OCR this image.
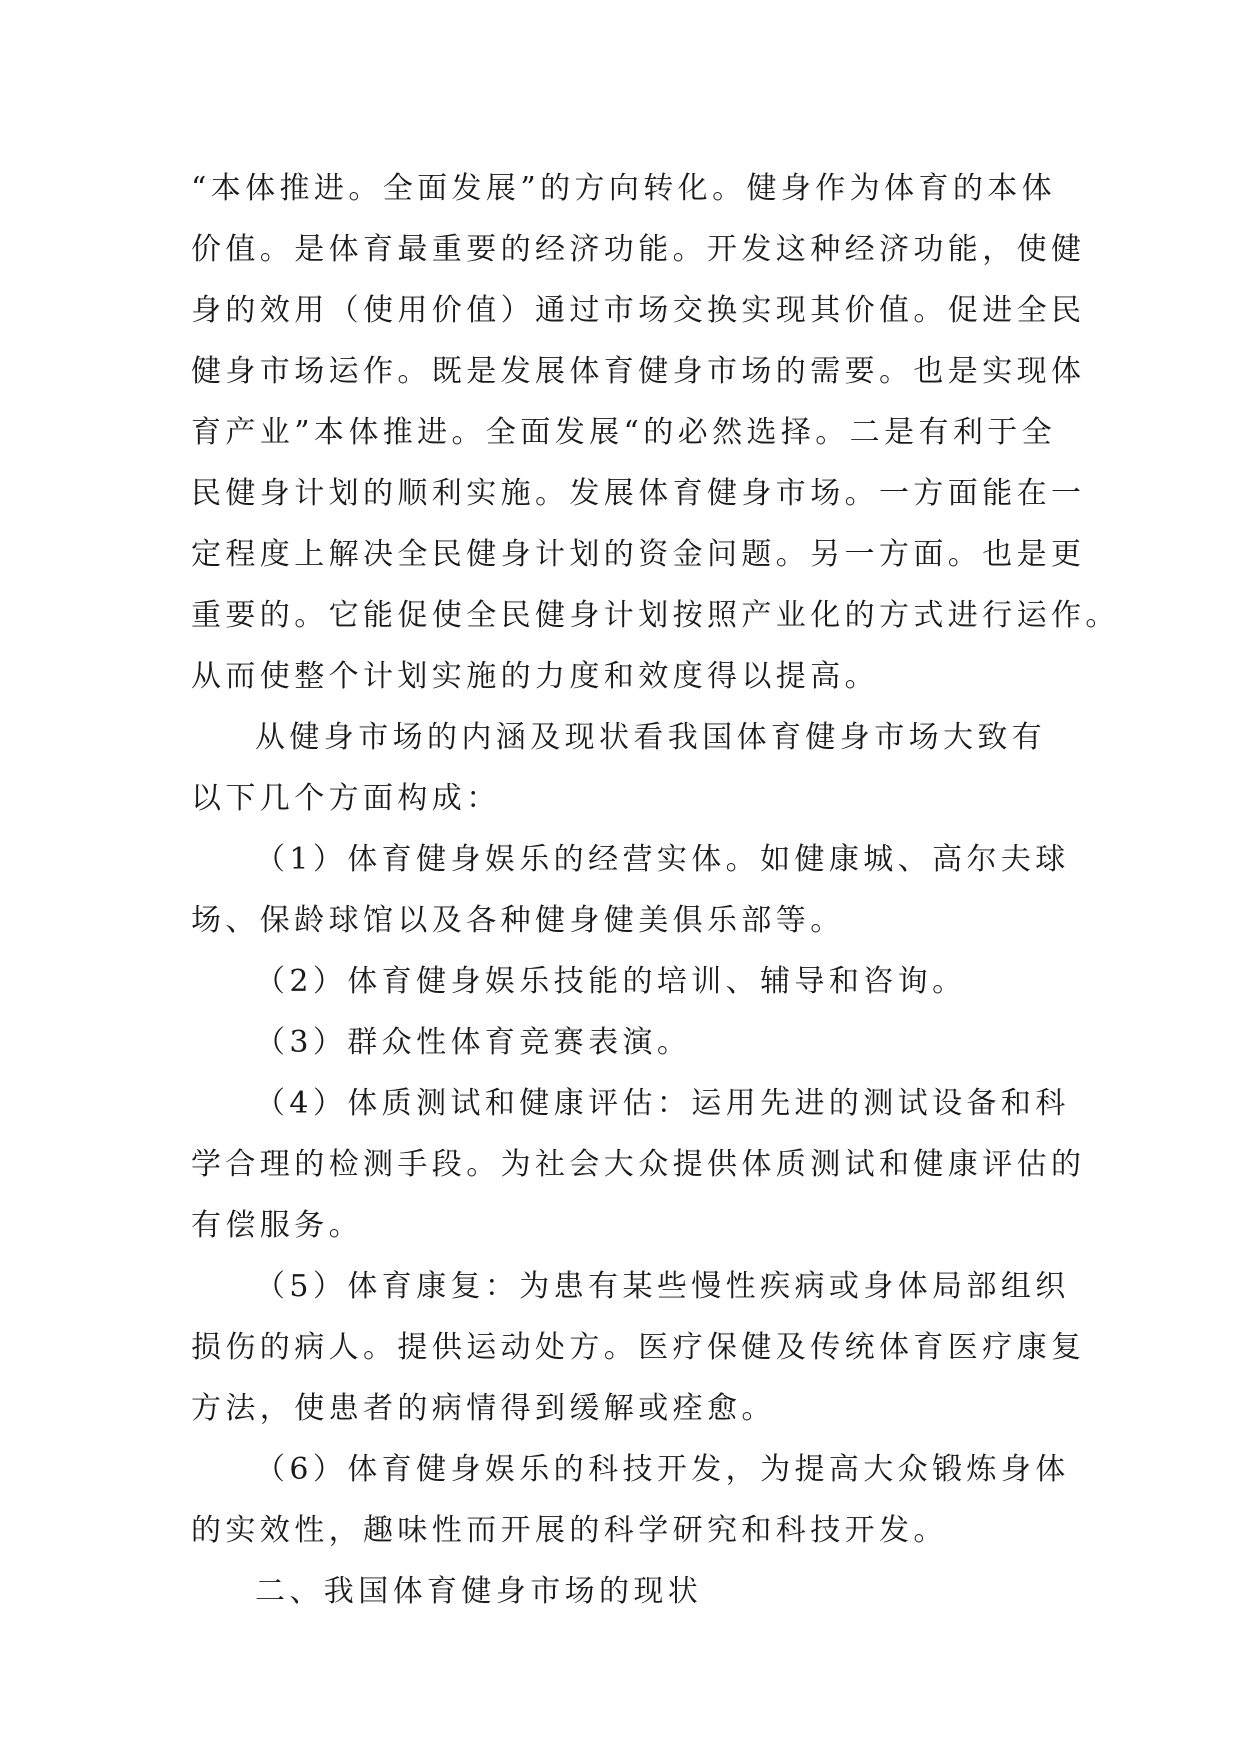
“本体推进。全面发展”的方向转化。健身作为体育的本体
价值。是体育最重要的经济功能。开发这种经济功能，使健
身的效用（使用价值）通过市场交换实现其价值。促进全民
健身市场运作。既是发展体育健身市场的需要。也是实现体
育产业”本体推进。全面发展“的必然选择。二是有利于全
民健身计划的顺利实施。发展体育健身市场。一方面能在一
定程度上解决全民健身计划的资金问题。另一方面。也是更
重要的。它能促使全民健身计划按照产业化的方式进行运作。
从而使整个计划实施的力度和效度得以提高。
从健身市场的内涵及现状看我国体育健身市场大致有
以下几个方面构成：
（1）体育健身娱乐的经营实体。如健康城、高尔夫球
场、保龄球馆以及各种健身健美俱乐部等。
（2）体育健身娱乐技能的培训、辅导和咨询。
（3）群众性体育竞赛表演。
（4）体质测试和健康评估：运用先进的测试设备和科
学合理的检测手段。为社会大众提供体质测试和健康评估的
有偿服务。
（5）体育康复：为患有某些慢性疾病或身体局部组织
损伤的病人。提供运动处方。医疗保健及传统体育医疗康复
方法，使患者的病情得到缓解或痊愈。
（6）体育健身娱乐的科技开发，为提高大众锻炼身体
的实效性，趣味性而开展的科学研究和科技开发。
二、我国体育健身市场的现状
